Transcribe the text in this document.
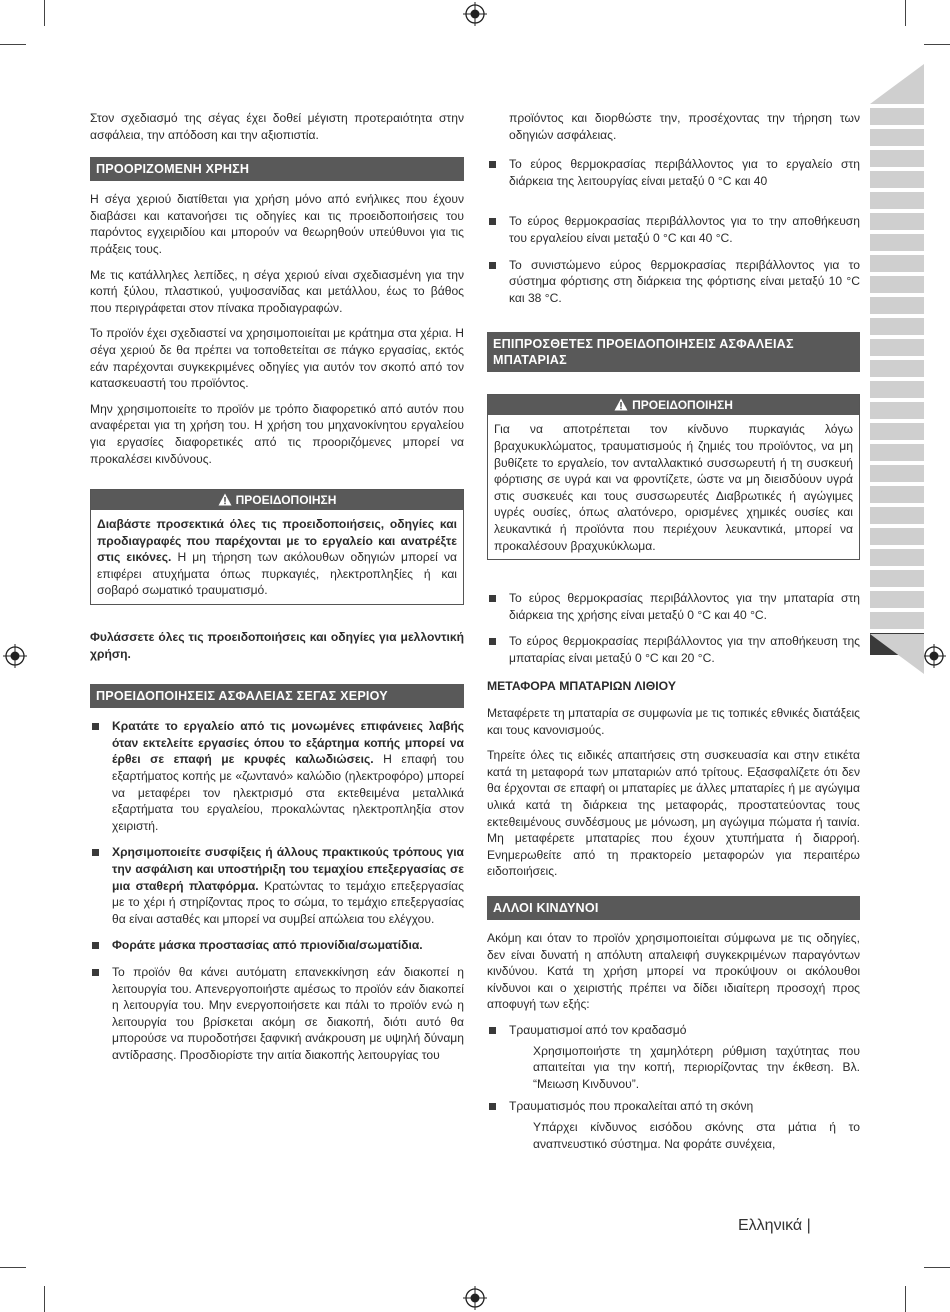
Στον σχεδιασμό της σέγας έχει δοθεί μέγιστη προτεραιότητα στην ασφάλεια, την απόδοση και την αξιοπιστία.

ΠΡΟΟΡΙΖΟΜΕΝΗ ΧΡΗΣΗ

Η σέγα χεριού διατίθεται για χρήση μόνο από ενήλικες που έχουν διαβάσει και κατανοήσει τις οδηγίες και τις προειδοποιήσεις του παρόντος εγχειριδίου και μπορούν να θεωρηθούν υπεύθυνοι για τις πράξεις τους.

Με τις κατάλληλες λεπίδες, η σέγα χεριού είναι σχεδιασμένη για την κοπή ξύλου, πλαστικού, γυψοσανίδας και μετάλλου, έως το βάθος που περιγράφεται στον πίνακα προδιαγραφών.

Το προϊόν έχει σχεδιαστεί να χρησιμοποιείται με κράτημα στα χέρια. Η σέγα χεριού δε θα πρέπει να τοποθετείται σε πάγκο εργασίας, εκτός εάν παρέχονται συγκεκριμένες οδηγίες για αυτόν τον σκοπό από τον κατασκευαστή του προϊόντος.

Μην χρησιμοποιείτε το προϊόν με τρόπο διαφορετικό από αυτόν που αναφέρεται για τη χρήση του. Η χρήση του μηχανοκίνητου εργαλείου για εργασίες διαφορετικές από τις προοριζόμενες μπορεί να προκαλέσει κινδύνους.

ΠΡΟΕΙΔΟΠΟΙΗΣΗ
Διαβάστε προσεκτικά όλες τις προειδοποιήσεις, οδηγίες και προδιαγραφές που παρέχονται με το εργαλείο και ανατρέξτε στις εικόνες. Η μη τήρηση των ακόλουθων οδηγιών μπορεί να επιφέρει ατυχήματα όπως πυρκαγιές, ηλεκτροπληξίες ή και σοβαρό σωματικό τραυματισμό.

Φυλάσσετε όλες τις προειδοποιήσεις και οδηγίες για μελλοντική χρήση.

ΠΡΟΕΙΔΟΠΟΙΗΣΕΙΣ ΑΣΦΑΛΕΙΑΣ ΣΕΓΑΣ ΧΕΡΙΟΥ
Κρατάτε το εργαλείο από τις μονωμένες επιφάνειες λαβής όταν εκτελείτε εργασίες όπου το εξάρτημα κοπής μπορεί να έρθει σε επαφή με κρυφές καλωδιώσεις. Η επαφή του εξαρτήματος κοπής με «ζωντανό» καλώδιο (ηλεκτροφόρο) μπορεί να μεταφέρει τον ηλεκτρισμό στα εκτεθειμένα μεταλλικά εξαρτήματα του εργαλείου, προκαλώντας ηλεκτροπληξία στον χειριστή.
Χρησιμοποιείτε συσφίξεις ή άλλους πρακτικούς τρόπους για την ασφάλιση και υποστήριξη του τεμαχίου επεξεργασίας σε μια σταθερή πλατφόρμα. Κρατώντας το τεμάχιο επεξεργασίας με το χέρι ή στηρίζοντας προς το σώμα, το τεμάχιο επεξεργασίας θα είναι ασταθές και μπορεί να συμβεί απώλεια του ελέγχου.
Φοράτε μάσκα προστασίας από πριονίδια/σωματίδια.
Το προϊόν θα κάνει αυτόματη επανεκκίνηση εάν διακοπεί η λειτουργία του. Απενεργοποιήστε αμέσως το προϊόν εάν διακοπεί η λειτουργία του. Μην ενεργοποιήσετε και πάλι το προϊόν ενώ η λειτουργία του βρίσκεται ακόμη σε διακοπή, διότι αυτό θα μπορούσε να πυροδοτήσει ξαφνική ανάκρουση με υψηλή δύναμη αντίδρασης. Προσδιορίστε την αιτία διακοπής λειτουργίας του
προϊόντος και διορθώστε την, προσέχοντας την τήρηση των οδηγιών ασφάλειας.
Το εύρος θερμοκρασίας περιβάλλοντος για το εργαλείο στη διάρκεια της λειτουργίας είναι μεταξύ 0 °C και 40
Το εύρος θερμοκρασίας περιβάλλοντος για το την αποθήκευση του εργαλείου είναι μεταξύ 0 °C και 40 °C.
Το συνιστώμενο εύρος θερμοκρασίας περιβάλλοντος για το σύστημα φόρτισης στη διάρκεια της φόρτισης είναι μεταξύ 10 °C και 38 °C.
ΕΠΙΠΡΟΣΘΕΤΕΣ ΠΡΟΕΙΔΟΠΟΙΗΣΕΙΣ ΑΣΦΑΛΕΙΑΣ ΜΠΑΤΑΡΙΑΣ
ΠΡΟΕΙΔΟΠΟΙΗΣΗ
Για να αποτρέπεται τον κίνδυνο πυρκαγιάς λόγω βραχυκυκλώματος, τραυματισμούς ή ζημιές του προϊόντος, να μη βυθίζετε το εργαλείο, τον ανταλλακτικό συσσωρευτή ή τη συσκευή φόρτισης σε υγρά και να φροντίζετε, ώστε να μη διεισδύουν υγρά στις συσκευές και τους συσσωρευτές Διαβρωτικές ή αγώγιμες υγρές ουσίες, όπως αλατόνερο, ορισμένες χημικές ουσίες και λευκαντικά ή προϊόντα που περιέχουν λευκαντικά, μπορεί να προκαλέσουν βραχυκύκλωμα.
Το εύρος θερμοκρασίας περιβάλλοντος για την μπαταρία στη διάρκεια της χρήσης είναι μεταξύ 0 °C και 40 °C.
Το εύρος θερμοκρασίας περιβάλλοντος για την αποθήκευση της μπαταρίας είναι μεταξύ 0 °C και 20 °C.
ΜΕΤΑΦΟΡΑ ΜΠΑΤΑΡΙΩΝ ΛΙΘΙΟΥ

Μεταφέρετε τη μπαταρία σε συμφωνία με τις τοπικές εθνικές διατάξεις και τους κανονισμούς.

Τηρείτε όλες τις ειδικές απαιτήσεις στη συσκευασία και στην ετικέτα κατά τη μεταφορά των μπαταριών από τρίτους. Εξασφαλίζετε ότι δεν θα έρχονται σε επαφή οι μπαταρίες με άλλες μπαταρίες ή με αγώγιμα υλικά κατά τη διάρκεια της μεταφοράς, προστατεύοντας τους εκτεθειμένους συνδέσμους με μόνωση, μη αγώγιμα πώματα ή ταινία. Μη μεταφέρετε μπαταρίες που έχουν χτυπήματα ή διαρροή. Ενημερωθείτε από τη πρακτορείο μεταφορών για περαιτέρω ειδοποιήσεις.

ΑΛΛΟΙ ΚΙΝΔΥΝΟΙ

Ακόμη και όταν το προϊόν χρησιμοποιείται σύμφωνα με τις οδηγίες, δεν είναι δυνατή η απόλυτη απαλειφή συγκεκριμένων παραγόντων κινδύνου. Κατά τη χρήση μπορεί να προκύψουν οι ακόλουθοι κίνδυνοι και ο χειριστής πρέπει να δίδει ιδιαίτερη προσοχή προς αποφυγή των εξής:

Τραυματισμοί από τον κραδασμό
Χρησιμοποιήστε τη χαμηλότερη ρύθμιση ταχύτητας που απαιτείται για την κοπή, περιορίζοντας την έκθεση. Βλ. “Μειωση Κινδυνου”.
Τραυματισμός που προκαλείται από τη σκόνη
Υπάρχει κίνδυνος εισόδου σκόνης στα μάτια ή το αναπνευστικό σύστημα. Να φοράτε συνέχεια,
Ελληνικά |
